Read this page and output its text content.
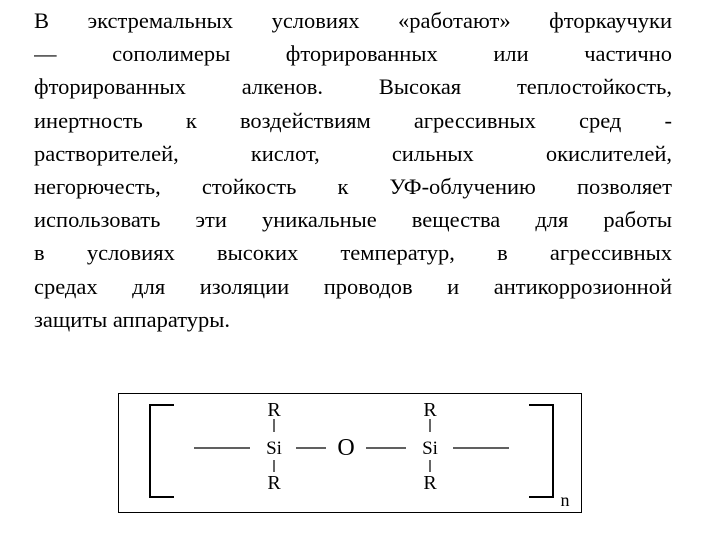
В экстремальных условиях «работают» фторкаучуки
— сополимеры фторированных или частично
фторированных алкенов. Высокая теплостойкость,
инертность к воздействиям агрессивных сред -
растворителей, кислот, сильных окислителей,
негорючесть, стойкость к УФ-облучению позволяет
использовать эти уникальные вещества для работы
в условиях высоких температур, в агрессивных
средах для изоляции проводов и антикоррозионной
защиты аппаратуры.
R
Si
R
O
R
Si
R
n
